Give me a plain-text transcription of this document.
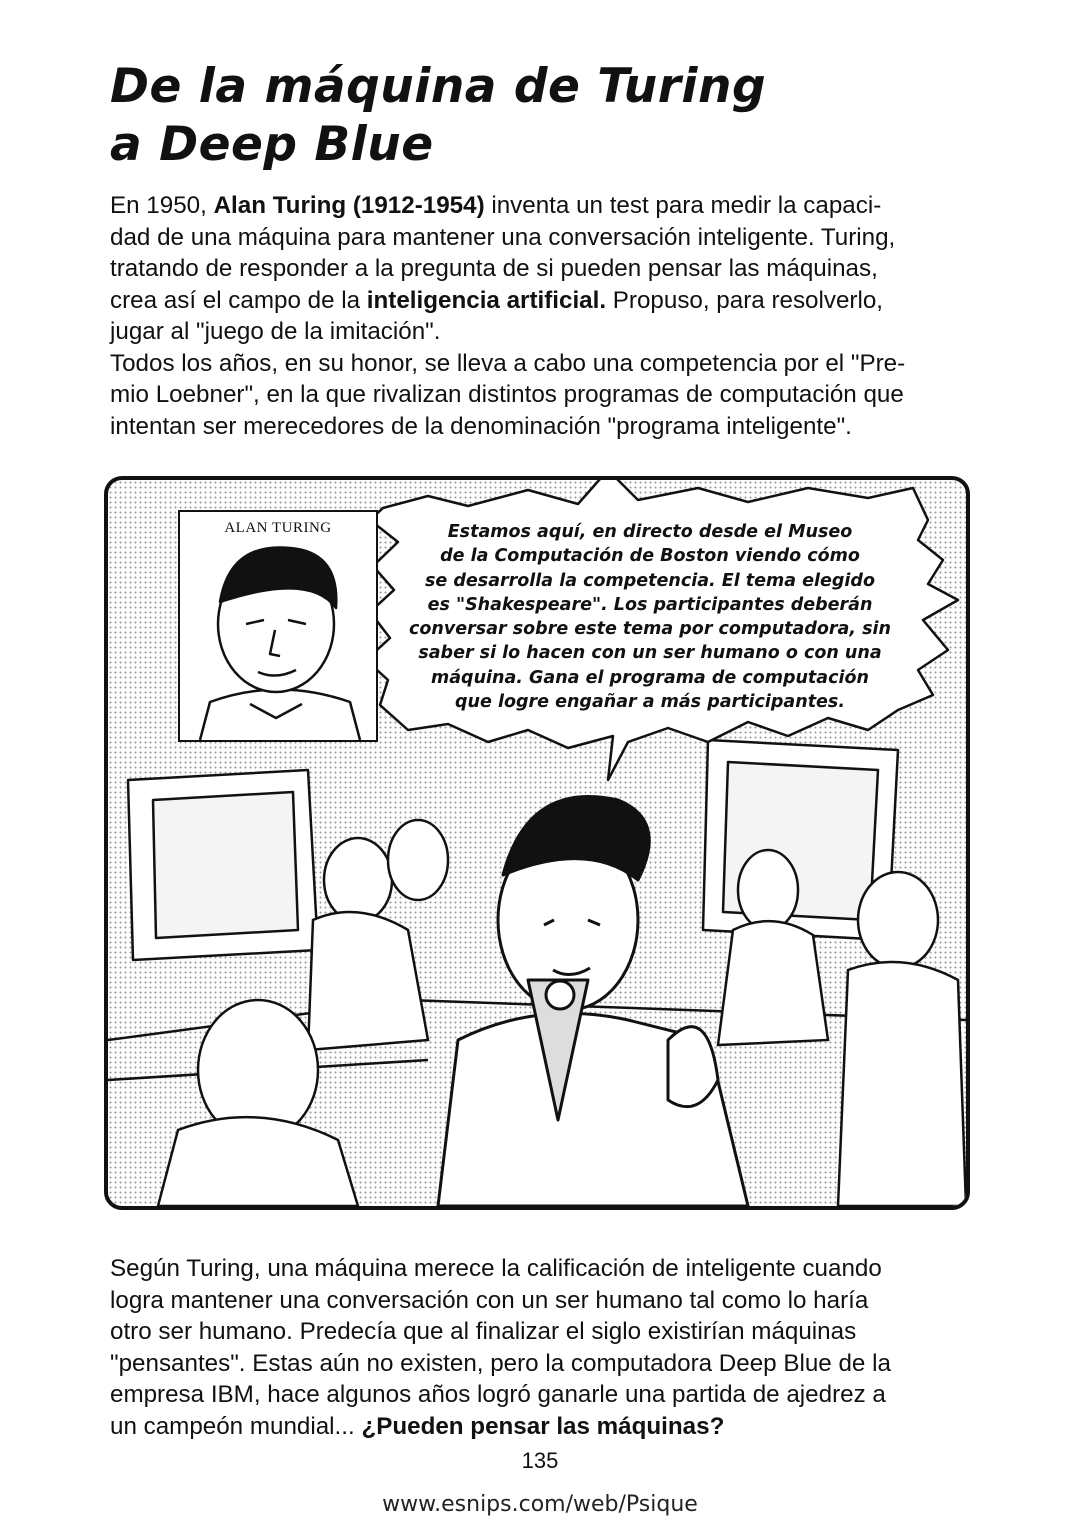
De la máquina de Turing
a Deep Blue

En 1950, Alan Turing (1912-1954) inventa un test para medir la capaci-
dad de una máquina para mantener una conversación inteligente. Turing,
tratando de responder a la pregunta de si pueden pensar las máquinas,
crea así el campo de la inteligencia artificial. Propuso, para resolverlo,
jugar al "juego de la imitación".
Todos los años, en su honor, se lleva a cabo una competencia por el "Pre-
mio Loebner", en la que rivalizan distintos programas de computación que
intentan ser merecedores de la denominación "programa inteligente".

ALAN TURING	Estamos aquí, en directo desde el Museo
de la Computación de Boston viendo cómo
se desarrolla la competencia. El tema elegido
es "Shakespeare". Los participantes deberán
conversar sobre este tema por computadora, sin
saber si lo hacen con un ser humano o con una
máquina. Gana el programa de computación
que logre engañar a más participantes.

Según Turing, una máquina merece la calificación de inteligente cuando
logra mantener una conversación con un ser humano tal como lo haría
otro ser humano. Predecía que al finalizar el siglo existirían máquinas
"pensantes". Estas aún no existen, pero la computadora Deep Blue de la
empresa IBM, hace algunos años logró ganarle una partida de ajedrez a
un campeón mundial... ¿Pueden pensar las máquinas?

135
www.esnips.com/web/Psique
